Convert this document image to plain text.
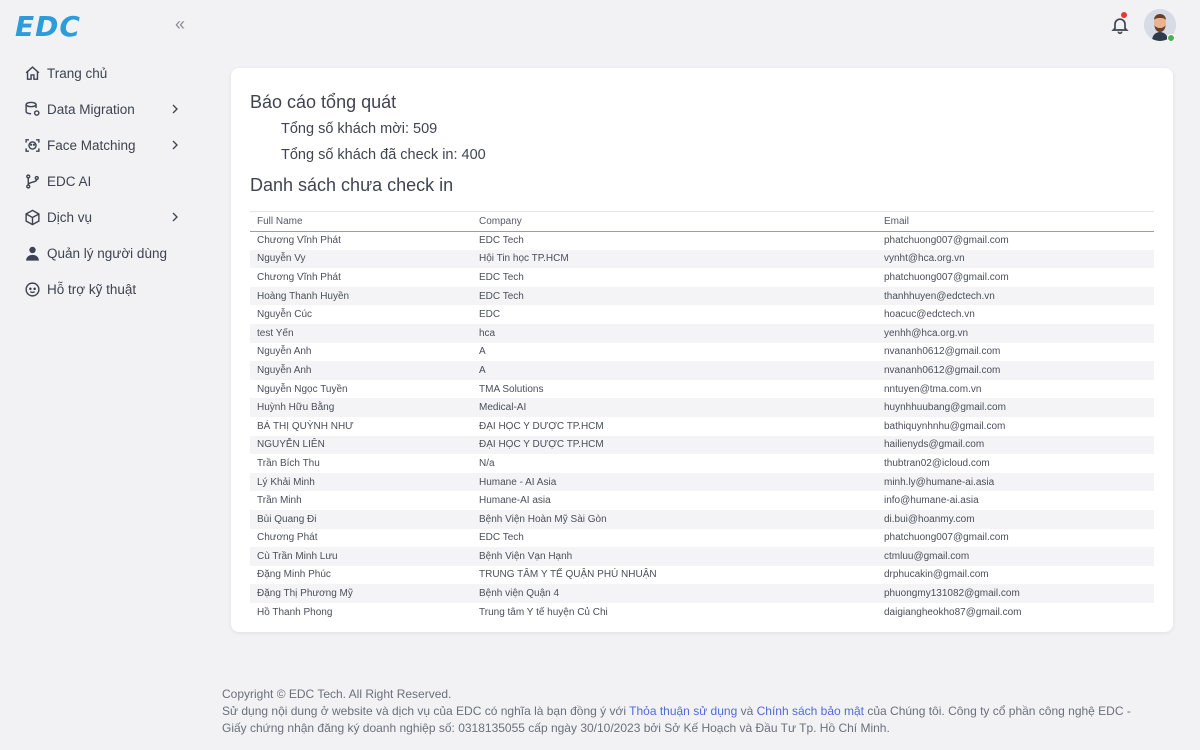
EDC	«
Trang chủ
Data Migration
Face Matching
EDC AI
Dịch vụ
Quản lý người dùng
Hỗ trợ kỹ thuật
Báo cáo tổng quát
Tổng số khách mời: 509
Tổng số khách đã check in: 400
Danh sách chưa check in
Full Name	Company	Email
Chương Vĩnh Phát	EDC Tech	phatchuong007@gmail.com
Nguyễn Vy	Hội Tin học TP.HCM	vynht@hca.org.vn
Chương Vĩnh Phát	EDC Tech	phatchuong007@gmail.com
Hoàng Thanh Huyền	EDC Tech	thanhhuyen@edctech.vn
Nguyễn Cúc	EDC	hoacuc@edctech.vn
test Yến	hca	yenhh@hca.org.vn
Nguyễn Anh	A	nvananh0612@gmail.com
Nguyễn Anh	A	nvananh0612@gmail.com
Nguyễn Ngọc Tuyền	TMA Solutions	nntuyen@tma.com.vn
Huỳnh Hữu Bằng	Medical-AI	huynhhuubang@gmail.com
BÁ THỊ QUỲNH NHƯ	ĐẠI HỌC Y DƯỢC TP.HCM	bathiquynhnhu@gmail.com
NGUYỄN LIÊN	ĐẠI HỌC Y DƯỢC TP.HCM	hailienyds@gmail.com
Trần Bích Thu	N/a	thubtran02@icloud.com
Lý Khải Minh	Humane - AI Asia	minh.ly@humane-ai.asia
Trần Minh	Humane-AI asia	info@humane-ai.asia
Bùi Quang Đi	Bệnh Viện Hoàn Mỹ Sài Gòn	di.bui@hoanmy.com
Chương Phát	EDC Tech	phatchuong007@gmail.com
Cù Trần Minh Lưu	Bệnh Viện Vạn Hạnh	ctmluu@gmail.com
Đặng Minh Phúc	TRUNG TÂM Y TẾ QUẬN PHÚ NHUẬN	drphucakin@gmail.com
Đặng Thị Phương Mỹ	Bệnh viện Quận 4	phuongmy131082@gmail.com
Hồ Thanh Phong	Trung tâm Y tế huyện Củ Chi	daigiangheokho87@gmail.com
Copyright © EDC Tech. All Right Reserved.
Sử dụng nội dung ở website và dịch vụ của EDC có nghĩa là bạn đồng ý với Thỏa thuận sử dụng và Chính sách bảo mật của Chúng tôi. Công ty cổ phần công nghệ EDC -
Giấy chứng nhận đăng ký doanh nghiệp số: 0318135055 cấp ngày 30/10/2023 bởi Sở Kế Hoạch và Đầu Tư Tp. Hồ Chí Minh.
